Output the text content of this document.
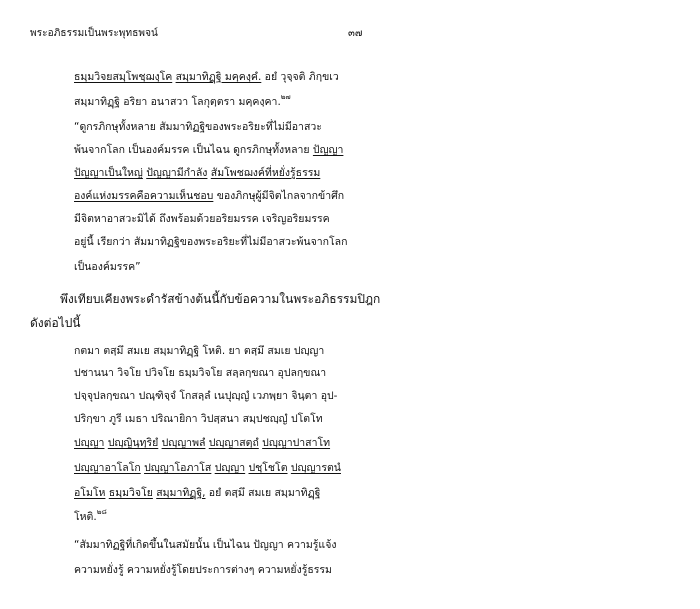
พระอภิธรรมเป็นพระพุทธพจน์	๓๗
ธมฺมวิจยสมฺโพชฺฌงฺโค สมฺมาทิฏฺฐิ มคฺคงฺคํ. อยํ วุจฺจติ ภิกฺขเว
สมฺมาทิฏฺฐิ อริยา อนาสวา โลกุตฺตรา มคฺคงฺคา.$^{๒๗}$
“ดูกรภิกษุทั้งหลาย สัมมาทิฏฐิของพระอริยะที่ไม่มีอาสวะ
พ้นจากโลก เป็นองค์มรรค เป็นไฉน ดูกรภิกษุทั้งหลาย ปัญญา
ปัญญาเป็นใหญ่ ปัญญามีกำลัง สัมโพชฌงค์ที่หยั่งรู้ธรรม
องค์แห่งมรรคคือความเห็นชอบ ของภิกษุผู้มีจิตไกลจากข้าศึก
มีจิตหาอาสวะมิได้ ถึงพร้อมด้วยอริยมรรค เจริญอริยมรรค
อยู่นี้ เรียกว่า สัมมาทิฏฐิของพระอริยะที่ไม่มีอาสวะพ้นจากโลก
เป็นองค์มรรค”
พึงเทียบเคียงพระดำรัสข้างต้นนี้กับข้อความในพระอภิธรรมปิฎก
ดังต่อไปนี้
กตมา ตสฺมึ สมเย สมฺมาทิฏฺฐิ โหติ. ยา ตสฺมึ สมเย ปญฺญา
ปชานนา วิจโย ปวิจโย ธมฺมวิจโย สลฺลกฺขณา อุปลกฺขณา
ปจฺจุปลกฺขณา ปณฺฑิจฺจํ โกสลฺลํ เนปุญฺญํ เวภพฺยา จินฺตา อุป-
ปริกฺขา ภูรี เมธา ปริณายิกา วิปสฺสนา สมฺปชญฺญํ ปโตโท
ปญฺญา ปญฺญินฺทฺริยํ ปญฺญาพลํ ปญฺญาสตฺถํ ปญฺญาปาสาโท
ปญฺญาอาโลโก ปญฺญาโอภาโส ปญฺญา ปชฺโชโต ปญฺญารตนํ
อโมโห ธมฺมวิจโย สมฺมาทิฏฺฐิ, อยํ ตสฺมึ สมเย สมฺมาทิฏฺฐิ
โหติ.$^{๒๘}$
“สัมมาทิฏฐิที่เกิดขึ้นในสมัยนั้น เป็นไฉน ปัญญา ความรู้แจ้ง
ความหยั่งรู้ ความหยั่งรู้โดยประการต่างๆ ความหยั่งรู้ธรรม
